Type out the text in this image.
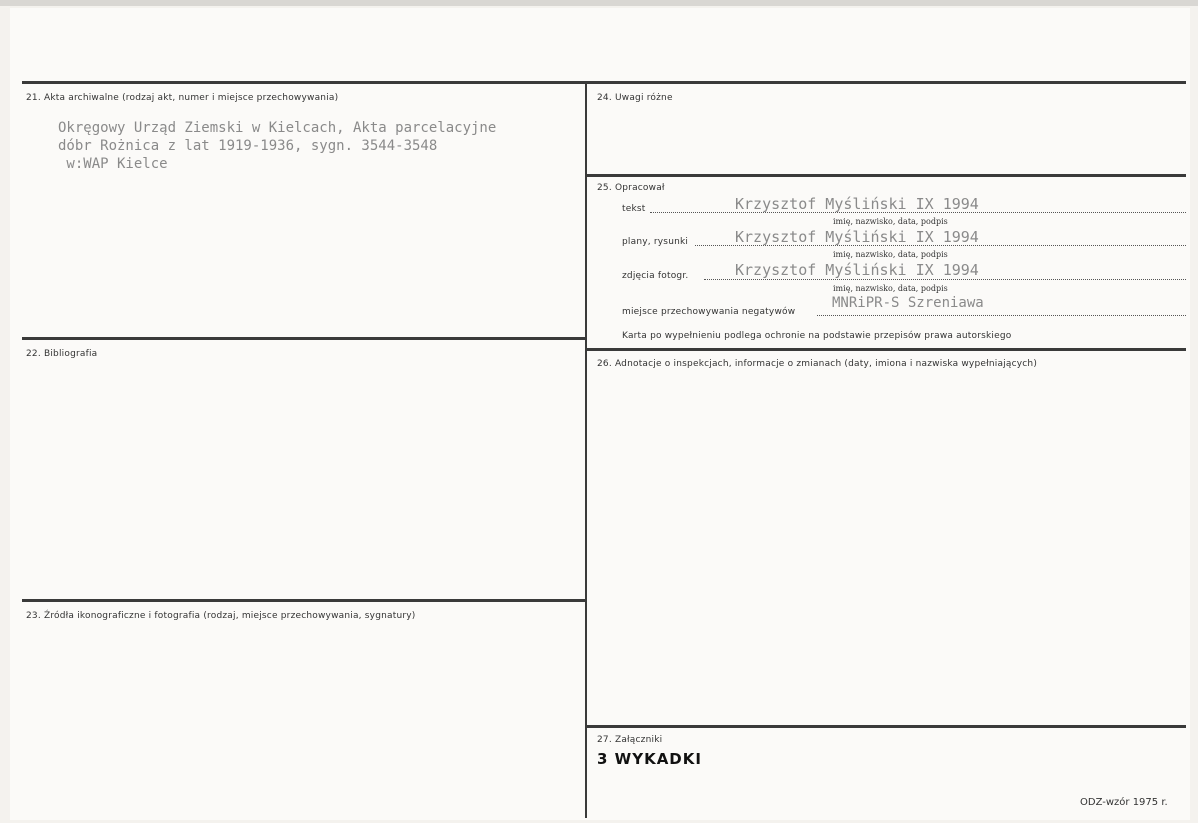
21. Akta archiwalne (rodzaj akt, numer i miejsce przechowywania)
Okręgowy Urząd Ziemski w Kielcach, Akta parcelacyjne
dóbr Rożnica z lat 1919-1936, sygn. 3544-3548
w:WAP Kielce
22. Bibliografia
23. Źródła ikonograficzne i fotografia (rodzaj, miejsce przechowywania, sygnatury)
24. Uwagi różne
25. Opracował
tekst	Krzysztof Myśliński IX 1994
imię, nazwisko, data, podpis
plany, rysunki	Krzysztof Myśliński IX 1994
imię, nazwisko, data, podpis
zdjęcia fotogr.	Krzysztof Myśliński IX 1994
imię, nazwisko, data, podpis
miejsce przechowywania negatywów
MNRiPR-S Szreniawa
Karta po wypełnieniu podlega ochronie na podstawie przepisów prawa autorskiego
26. Adnotacje o inspekcjach, informacje o zmianach (daty, imiona i nazwiska wypełniających)
27. Załączniki
3 WYKADKI
ODZ-wzór 1975 r.
